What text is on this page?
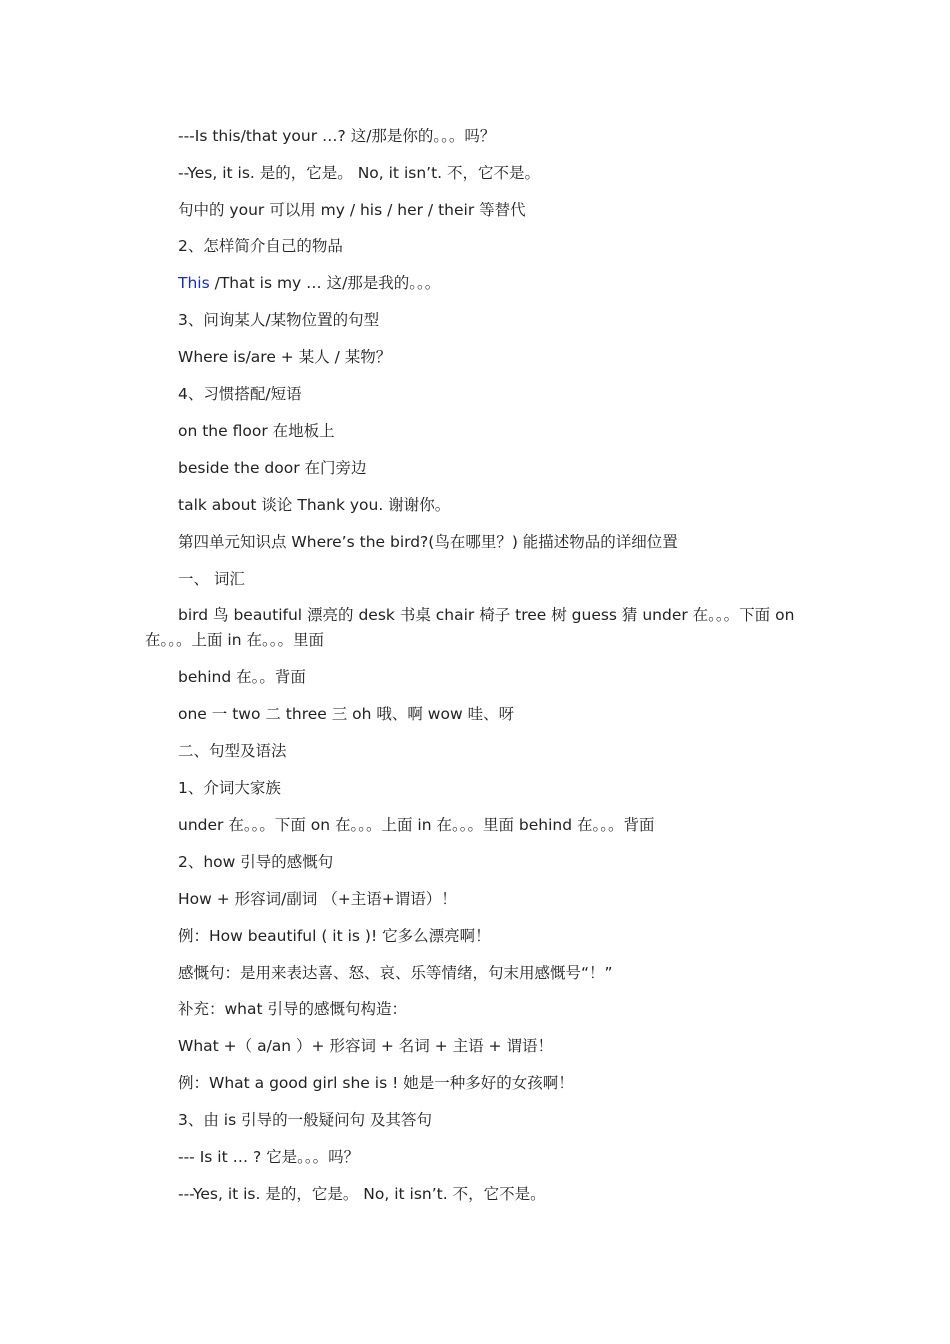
---Is this/that your …? 这/那是你的。。。吗？
--Yes, it is. 是的，它是。 No, it isn’t. 不，它不是。
句中的 your 可以用 my / his / her / their 等替代
2、怎样简介自己的物品
This /That is my … 这/那是我的。。。
3、问询某人/某物位置的句型
Where is/are + 某人 / 某物？
4、习惯搭配/短语
on the floor 在地板上
beside the door 在门旁边
talk about 谈论 Thank you. 谢谢你。
第四单元知识点 Where’s the bird?(鸟在哪里？) 能描述物品的详细位置
一、 词汇
bird 鸟 beautiful 漂亮的 desk 书桌 chair 椅子 tree 树 guess 猜 under 在。。。下面 on 在。。。上面 in 在。。。里面
behind 在。。背面
one 一 two 二 three 三 oh 哦、啊 wow 哇、呀
二、句型及语法
1、介词大家族
under 在。。。下面 on 在。。。上面 in 在。。。里面 behind 在。。。背面
2、how 引导的感慨句
How + 形容词/副词 （+主语+谓语）！
例：How beautiful ( it is )! 它多么漂亮啊！
感慨句：是用来表达喜、怒、哀、乐等情绪，句末用感慨号“！”
补充：what 引导的感慨句构造：
What +（ a/an ）+ 形容词 + 名词 + 主语 + 谓语！
例：What a good girl she is ! 她是一种多好的女孩啊！
3、由 is 引导的一般疑问句 及其答句
--- Is it … ? 它是。。。吗？
---Yes, it is. 是的，它是。 No, it isn’t. 不，它不是。
